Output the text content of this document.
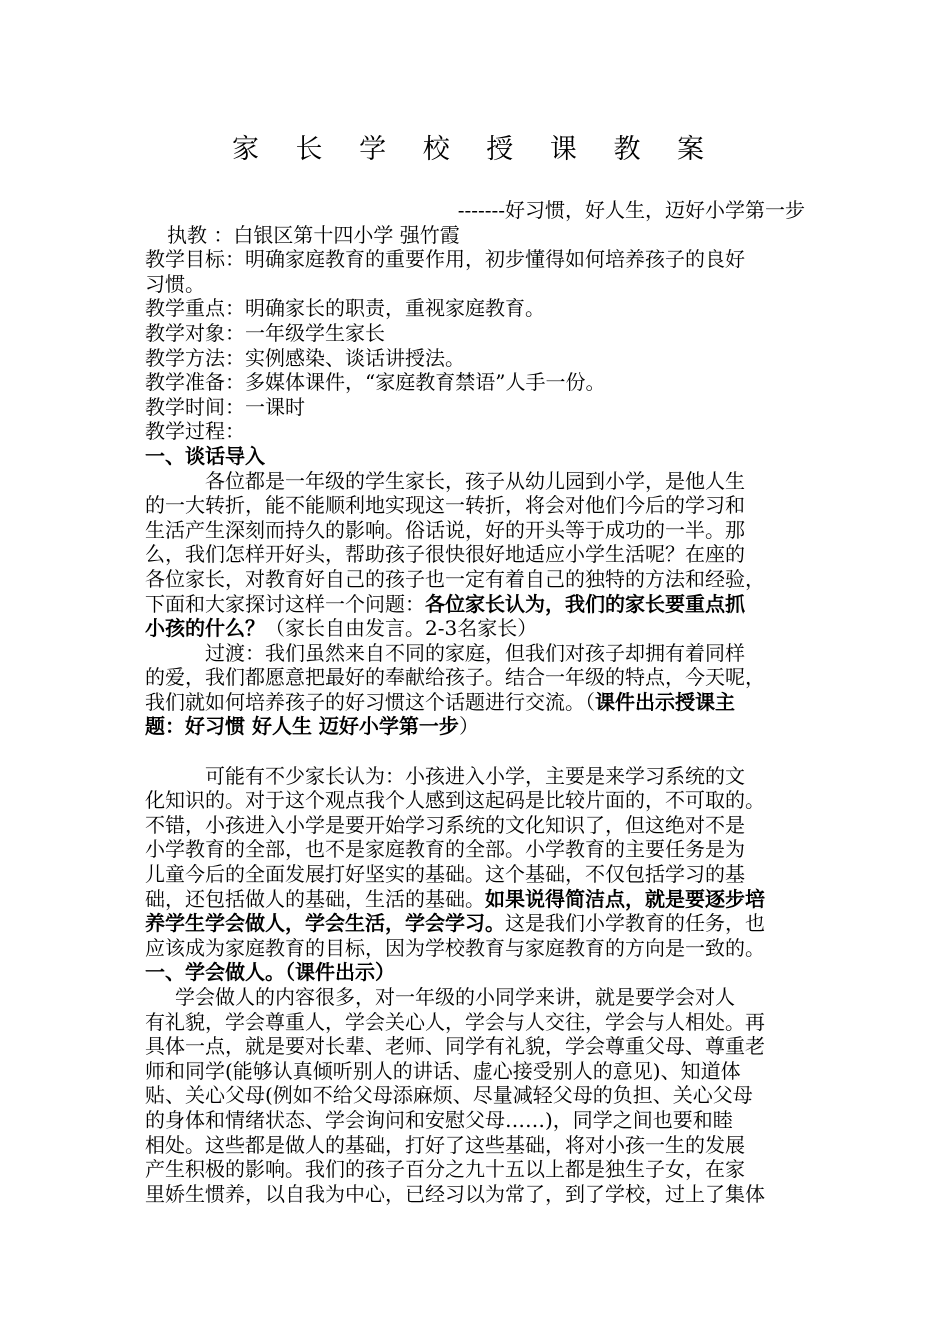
家 长 学 校 授 课 教 案
-------好习惯，好人生，迈好小学第一步
执教 ：白银区第十四小学 强竹霞
教学目标：明确家庭教育的重要作用，初步懂得如何培养孩子的良好
习惯。
教学重点：明确家长的职责，重视家庭教育。
教学对象：一年级学生家长
教学方法：实例感染、谈话讲授法。
教学准备：多媒体课件，“家庭教育禁语”人手一份。
教学时间：一课时
教学过程：
一、谈话导入
各位都是一年级的学生家长，孩子从幼儿园到小学，是他人生
的一大转折，能不能顺利地实现这一转折，将会对他们今后的学习和
生活产生深刻而持久的影响。俗话说，好的开头等于成功的一半。那
么，我们怎样开好头，帮助孩子很快很好地适应小学生活呢？在座的
各位家长，对教育好自己的孩子也一定有着自己的独特的方法和经验，
下面和大家探讨这样一个问题：各位家长认为，我们的家长要重点抓
小孩的什么？（家长自由发言。2-3名家长）
过渡：我们虽然来自不同的家庭，但我们对孩子却拥有着同样
的爱，我们都愿意把最好的奉献给孩子。结合一年级的特点，今天呢，
我们就如何培养孩子的好习惯这个话题进行交流。（课件出示授课主
题：好习惯 好人生 迈好小学第一步）
可能有不少家长认为：小孩进入小学，主要是来学习系统的文
化知识的。对于这个观点我个人感到这起码是比较片面的，不可取的。
不错，小孩进入小学是要开始学习系统的文化知识了，但这绝对不是
小学教育的全部，也不是家庭教育的全部。小学教育的主要任务是为
儿童今后的全面发展打好坚实的基础。这个基础，不仅包括学习的基
础，还包括做人的基础，生活的基础。如果说得简洁点，就是要逐步培
养学生学会做人，学会生活，学会学习。这是我们小学教育的任务，也
应该成为家庭教育的目标，因为学校教育与家庭教育的方向是一致的。
一、学会做人。（课件出示）
学会做人的内容很多，对一年级的小同学来讲，就是要学会对人
有礼貌，学会尊重人，学会关心人，学会与人交往，学会与人相处。再
具体一点，就是要对长辈、老师、同学有礼貌，学会尊重父母、尊重老
师和同学(能够认真倾听别人的讲话、虚心接受别人的意见)、知道体
贴、关心父母(例如不给父母添麻烦、尽量减轻父母的负担、关心父母
的身体和情绪状态、学会询问和安慰父母……)，同学之间也要和睦
相处。这些都是做人的基础，打好了这些基础，将对小孩一生的发展
产生积极的影响。我们的孩子百分之九十五以上都是独生子女，在家
里娇生惯养，以自我为中心，已经习以为常了，到了学校，过上了集体
